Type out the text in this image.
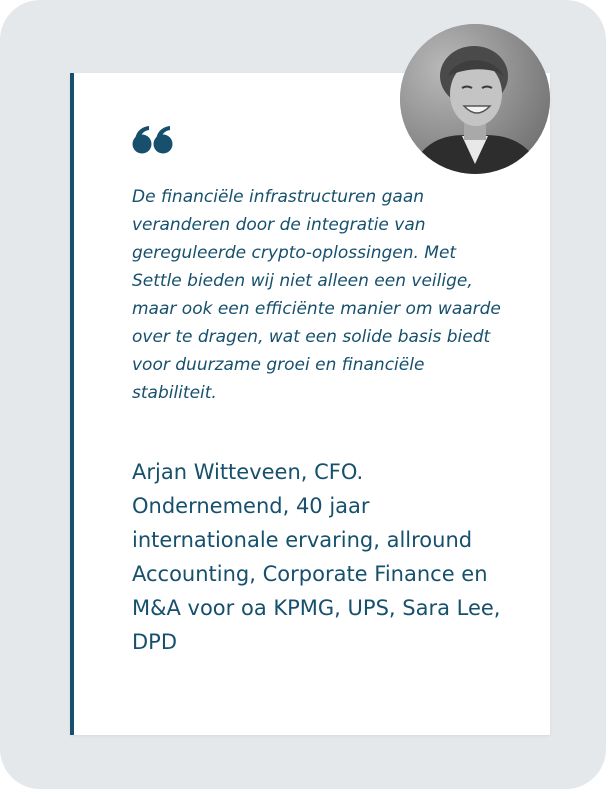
De financiële infrastructuren gaan veranderen door de integratie van gereguleerde crypto-oplossingen. Met Settle bieden wij niet alleen een veilige, maar ook een efficiënte manier om waarde over te dragen, wat een solide basis biedt voor duurzame groei en financiële stabiliteit.

Arjan Witteveen, CFO. Ondernemend, 40 jaar internationale ervaring, allround Accounting, Corporate Finance en M&A voor oa KPMG, UPS, Sara Lee, DPD
